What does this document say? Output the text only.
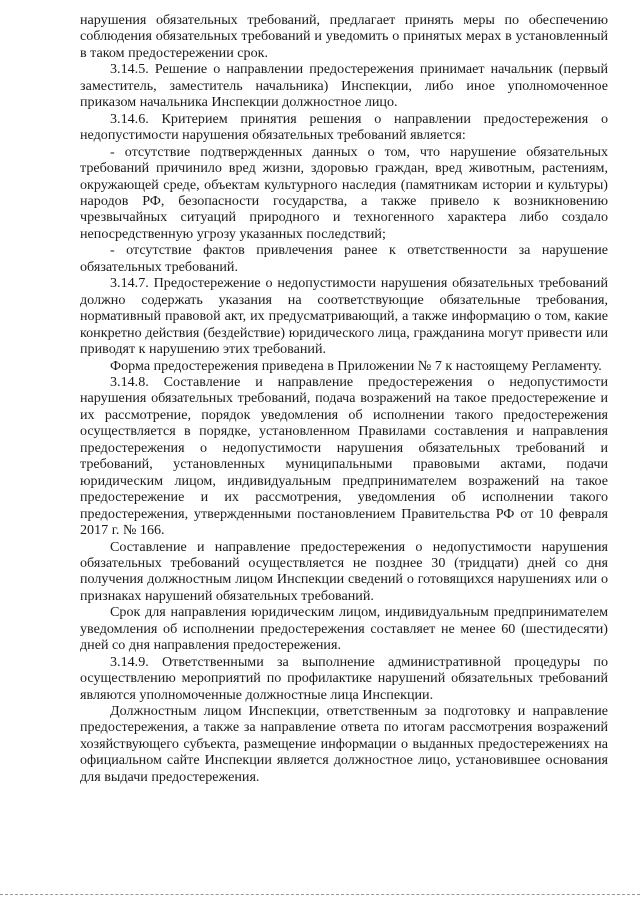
нарушения обязательных требований, предлагает принять меры по обеспечению соблюдения обязательных требований и уведомить о принятых мерах в установленный в таком предостережении срок.

3.14.5. Решение о направлении предостережения принимает начальник (первый заместитель, заместитель начальника) Инспекции, либо иное уполномоченное приказом начальника Инспекции должностное лицо.

3.14.6. Критерием принятия решения о направлении предостережения о недопустимости нарушения обязательных требований является:

- отсутствие подтвержденных данных о том, что нарушение обязательных требований причинило вред жизни, здоровью граждан, вред животным, растениям, окружающей среде, объектам культурного наследия (памятникам истории и культуры) народов РФ, безопасности государства, а также привело к возникновению чрезвычайных ситуаций природного и техногенного характера либо создало непосредственную угрозу указанных последствий;

- отсутствие фактов привлечения ранее к ответственности за нарушение обязательных требований.

3.14.7. Предостережение о недопустимости нарушения обязательных требований должно содержать указания на соответствующие обязательные требования, нормативный правовой акт, их предусматривающий, а также информацию о том, какие конкретно действия (бездействие) юридического лица, гражданина могут привести или приводят к нарушению этих требований.

Форма предостережения приведена в Приложении № 7 к настоящему Регламенту.

3.14.8. Составление и направление предостережения о недопустимости нарушения обязательных требований, подача возражений на такое предостережение и их рассмотрение, порядок уведомления об исполнении такого предостережения осуществляется в порядке, установленном Правилами составления и направления предостережения о недопустимости нарушения обязательных требований и требований, установленных муниципальными правовыми актами, подачи юридическим лицом, индивидуальным предпринимателем возражений на такое предостережение и их рассмотрения, уведомления об исполнении такого предостережения, утвержденными постановлением Правительства РФ от 10 февраля 2017 г. № 166.

Составление и направление предостережения о недопустимости нарушения обязательных требований осуществляется не позднее 30 (тридцати) дней со дня получения должностным лицом Инспекции сведений о готовящихся нарушениях или о признаках нарушений обязательных требований.

Срок для направления юридическим лицом, индивидуальным предпринимателем уведомления об исполнении предостережения составляет не менее 60 (шестидесяти) дней со дня направления предостережения.

3.14.9. Ответственными за выполнение административной процедуры по осуществлению мероприятий по профилактике нарушений обязательных требований являются уполномоченные должностные лица Инспекции.

Должностным лицом Инспекции, ответственным за подготовку и направление предостережения, а также за направление ответа по итогам рассмотрения возражений хозяйствующего субъекта, размещение информации о выданных предостережениях на официальном сайте Инспекции является должностное лицо, установившее основания для выдачи предостережения.
